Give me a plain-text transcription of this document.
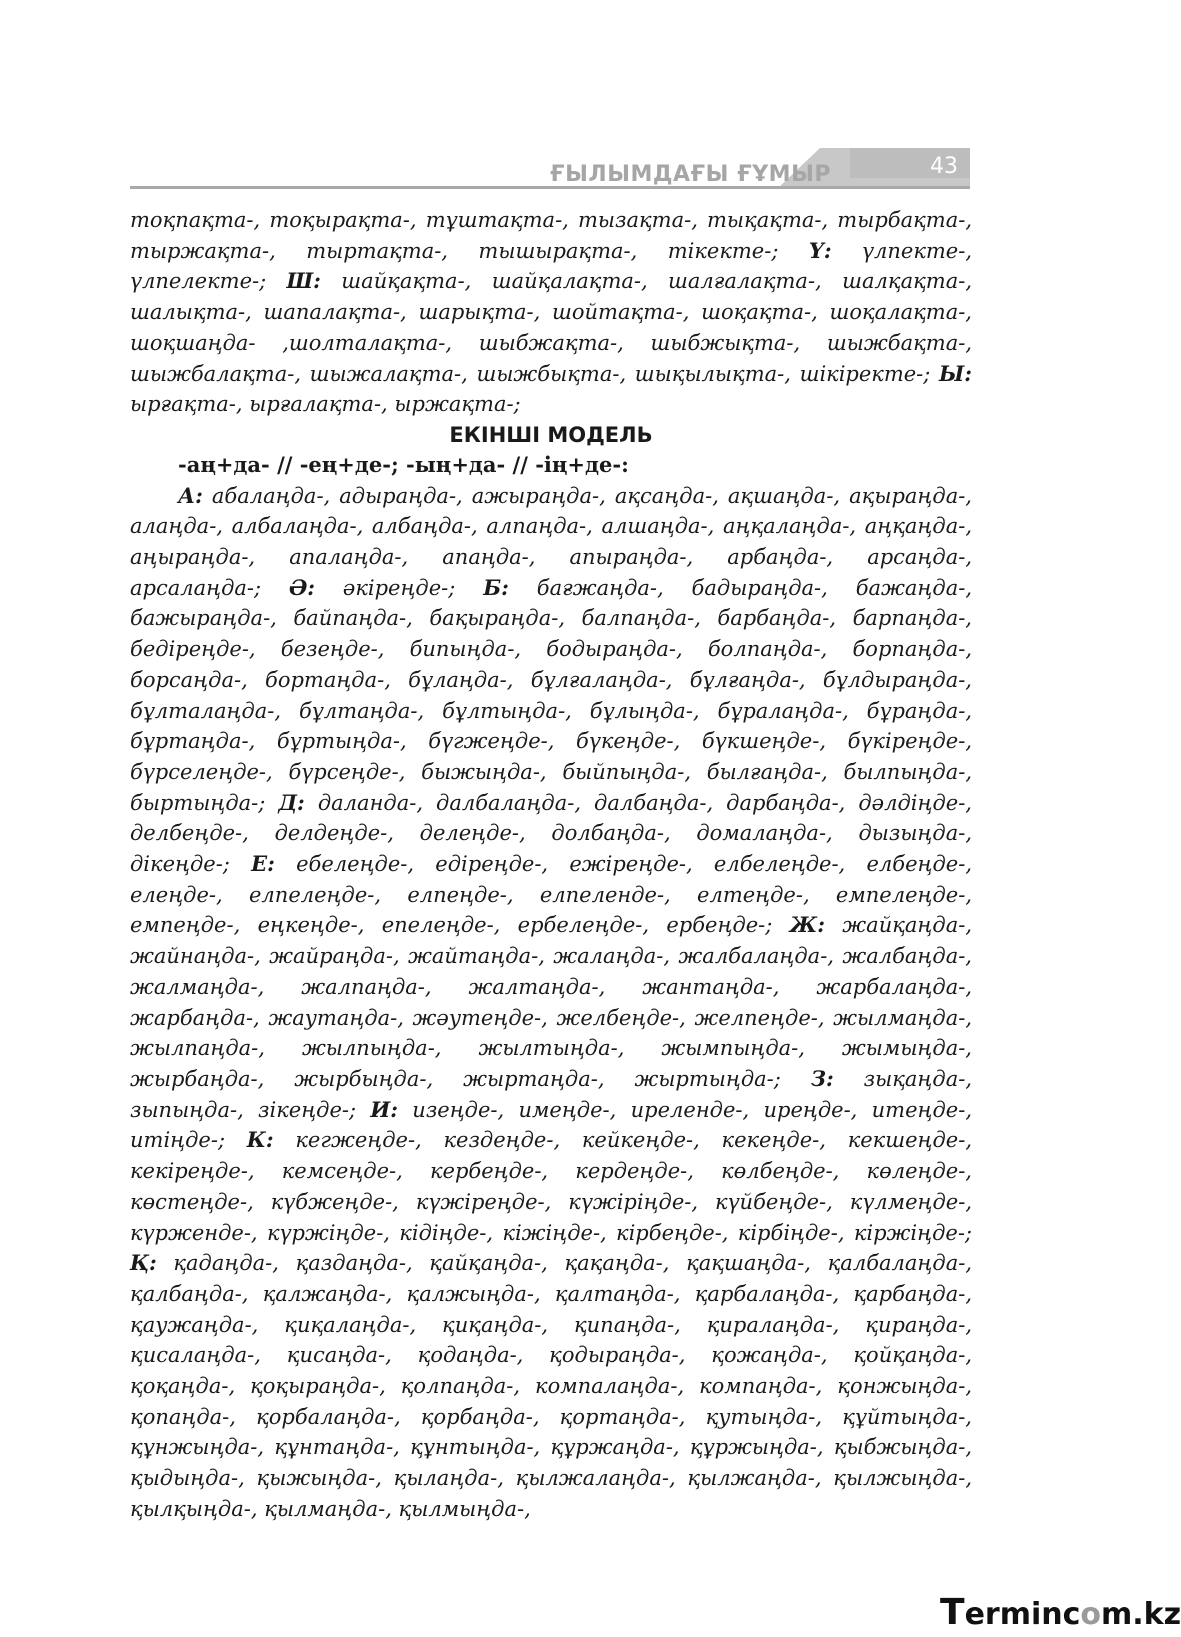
ҒЫЛЫМДАҒЫ ҒҰМЫР	43

тоқпақта-, тоқырақта-, тұштақта-, тызақта-, тықақта-, тырбақта-, тыржақта-, тыртақта-, тышырақта-, тікекте-; Ү: үлпекте-, үлпелекте-; Ш: шайқақта-, шайқалақта-, шалғалақта-, шалқақта-, шалықта-, шапалақта-, шарықта-, шойтақта-, шоқақта-, шоқалақта-, шоқшаңда- ,шолталақта-, шыбжақта-, шыбжықта-, шыжбақта-, шыжбалақта-, шыжалақта-, шыжбықта-, шықылықта-, шікіректе-; Ы: ырғақта-, ырғалақта-, ыржақта-;

ЕКІНШІ МОДЕЛЬ
-аң+да- // -ең+де-; -ың+да- // -ің+де-:

А: абалаңда-, адыраңда-, ажыраңда-, ақсаңда-, ақшаңда-, ақыраңда-, алаңда-, албалаңда-, албаңда-, алпаңда-, алшаңда-, аңқалаңда-, аңқаңда-, аңыраңда-, апалаңда-, апаңда-, апыраңда-, арбаңда-, арсаңда-, арсалаңда-; Ә: әкіреңде-; Б: бағжаңда-, бадыраңда-, бажаңда-, бажыраңда-, байпаңда-, бақыраңда-, балпаңда-, барбаңда-, барпаңда-, бедіреңде-, безеңде-, бипыңда-, бодыраңда-, болпаңда-, борпаңда-, борсаңда-, бортаңда-, бұлаңда-, бұлғалаңда-, бұлғаңда-, бұлдыраңда-, бұлталаңда-, бұлтаңда-, бұлтыңда-, бұлыңда-, бұралаңда-, бұраңда-, бұртаңда-, бұртыңда-, бүгжеңде-, бүкеңде-, бүкшеңде-, бүкіреңде-, бүрселеңде-, бүрсеңде-, быжыңда-, быйпыңда-, былғаңда-, былпыңда-, быртыңда-; Д: даланда-, далбалаңда-, далбаңда-, дарбаңда-, дәлдіңде-, делбеңде-, делдеңде-, делеңде-, долбаңда-, домалаңда-, дызыңда-, дікеңде-; Е: ебелеңде-, едіреңде-, ежіреңде-, елбелеңде-, елбеңде-, елеңде-, елпелеңде-, елпеңде-, елпеленде-, елтеңде-, емпелеңде-, емпеңде-, еңкеңде-, епелеңде-, ербелеңде-, ербеңде-; Ж: жайқаңда-, жайнаңда-, жайраңда-, жайтаңда-, жалаңда-, жалбалаңда-, жалбаңда-, жалмаңда-, жалпаңда-, жалтаңда-, жантаңда-, жарбалаңда-, жарбаңда-, жаутаңда-, жәутеңде-, желбеңде-, желпеңде-, жылмаңда-, жылпаңда-, жылпыңда-, жылтыңда-, жымпыңда-, жымыңда-, жырбаңда-, жырбыңда-, жыртаңда-, жыртыңда-; З: зықаңда-, зыпыңда-, зікеңде-; И: изеңде-, имеңде-, иреленде-, ирeңде-, итеңде-, итіңде-; К: кегжеңде-, кездеңде-, кейкеңде-, кекеңде-, кекшеңде-, кекіреңде-, кемсеңде-, кербеңде-, кердеңде-, көлбеңде-, көлеңде-, көстеңде-, күбжеңде-, күжіреңде-, күжіріңде-, күйбеңде-, күлмеңде-, күрженде-, күржіңде-, кідіңде-, кіжіңде-, кірбеңде-, кірбіңде-, кіржіңде-; Қ: қадаңда-, қаздаңда-, қайқаңда-, қақаңда-, қақшаңда-, қалбалаңда-, қалбаңда-, қалжаңда-, қалжыңда-, қалтаңда-, қарбалаңда-, қарбаңда-, қаужаңда-, қиқалаңда-, қиқаңда-, қипаңда-, қиралаңда-, қираңда-, қисалаңда-, қисаңда-, қодаңда-, қодыраңда-, қожаңда-, қойқаңда-, қоқаңда-, қоқыраңда-, қолпаңда-, компалаңда-, компаңда-, қонжыңда-, қопаңда-, қорбалаңда-, қорбаңда-, қортаңда-, қутыңда-, құйтыңда-, құнжыңда-, құнтаңда-, құнтыңда-, құржаңда-, құржыңда-, қыбжыңда-, қыдыңда-, қыжыңда-, қылаңда-, қылжалаңда-, қылжаңда-, қылжыңда-, қылқыңда-, қылмаңда-, қылмыңда-,

Termincom.kz
